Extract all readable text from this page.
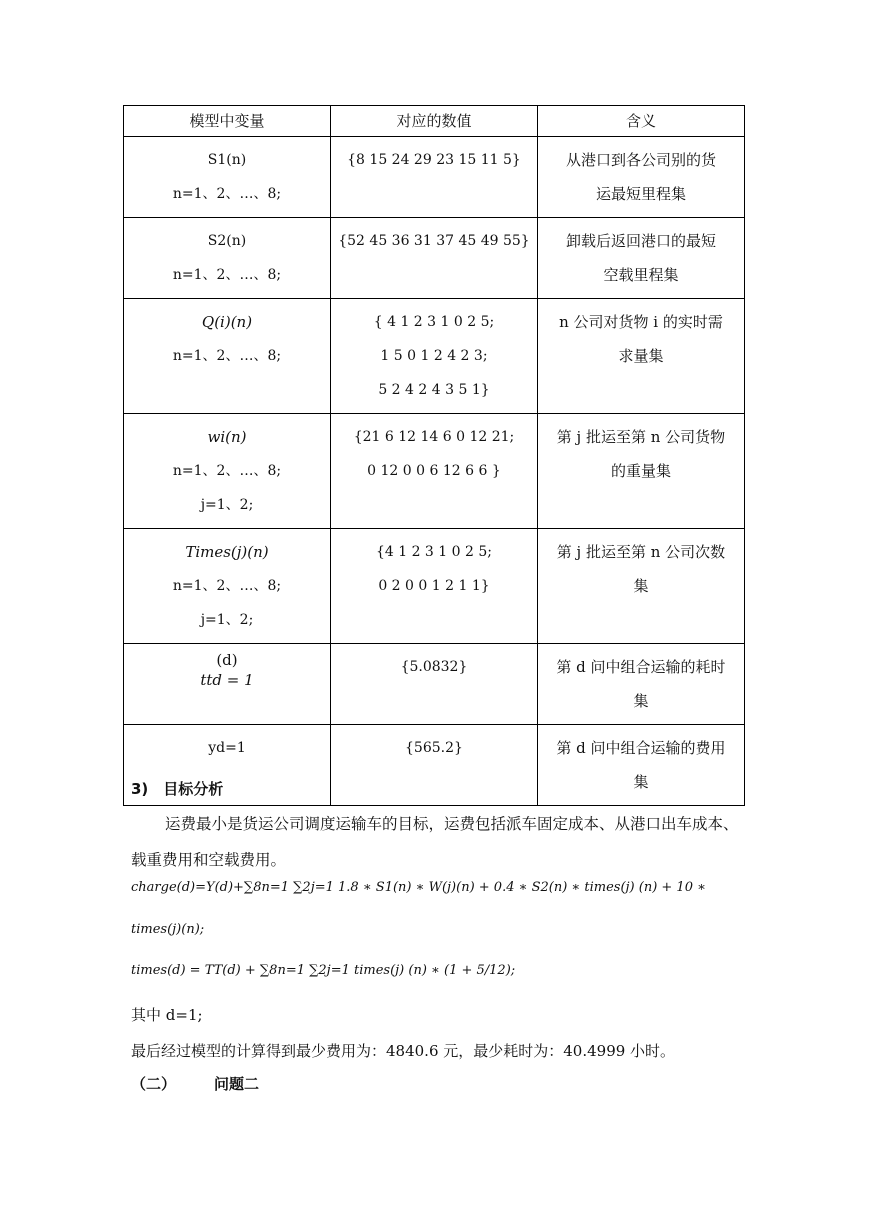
模型中变量	对应的数值	含义

S1(n)
n=1、2、…、8;	{8 15 24 29 23 15 11 5}	从港口到各公司别的货
运最短里程集

S2(n)
n=1、2、…、8;	{52 45 36 31 37 45 49 55}	卸载后返回港口的最短
空载里程集

Q(i)(n)
n=1、2、…、8;	{ 4 1 2 3 1 0 2 5;
1 5 0 1 2 4 2 3;
5 2 4 2 4 3 5 1}	n 公司对货物 i 的实时需
求量集

wi(n)
n=1、2、…、8;
j=1、2;	{21 6 12 14 6 0 12 21;
0 12 0 0 6 12 6 6 }	第 j 批运至第 n 公司货物
的重量集

Times(j)(n)
n=1、2、…、8;
j=1、2;	{4 1 2 3 1 0 2 5;
0 2 0 0 1 2 1 1}	第 j 批运至第 n 公司次数
集

(d)
ttd = 1	{5.0832}	第 d 问中组合运输的耗时
集

yd=1	{565.2}	第 d 问中组合运输的费用
集
3)　目标分析
运费最小是货运公司调度运输车的目标，运费包括派车固定成本、从港口出车成本、载重费用和空载费用。
charge(d)=Y(d)+∑8n=1 ∑2j=1 1.8 ∗ S1(n) ∗ W(j)(n) + 0.4 ∗ S2(n) ∗ times(j) (n) + 10 ∗
times(j)(n);
times(d) = TT(d) + ∑8n=1 ∑2j=1 times(j) (n) ∗ (1 + 5/12);
其中 d=1;
最后经过模型的计算得到最少费用为：4840.6 元，最少耗时为：40.4999 小时。
（二）	问题二
